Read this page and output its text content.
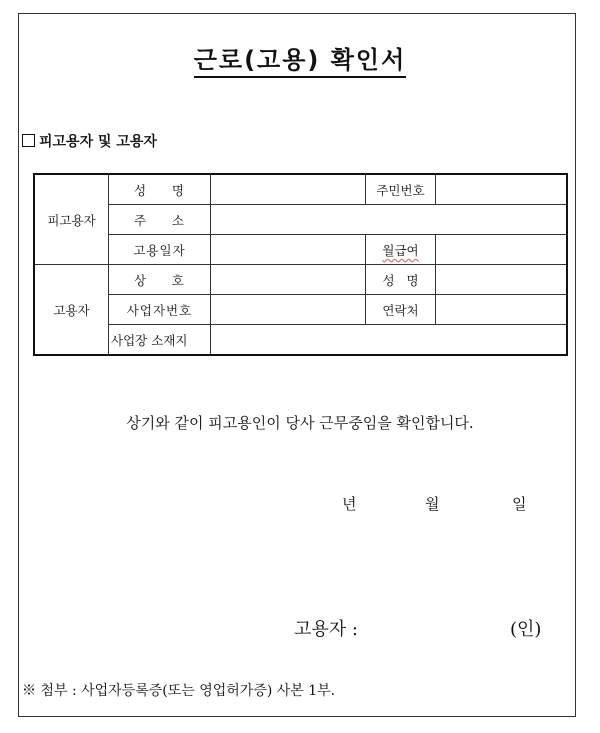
근로(고용) 확인서
피고용자 및 고용자
피고용자	성     명		주민번호	
	주     소			
	고용일자		월급여	
고용자	상     호		성   명	
	사업자번호		연락처	
	사업장 소재지			
상기와 같이 피고용인이 당사 근무중임을 확인합니다.
년	월	일
고용자 :	(인)
※ 첨부 : 사업자등록증(또는 영업허가증) 사본 1부.
